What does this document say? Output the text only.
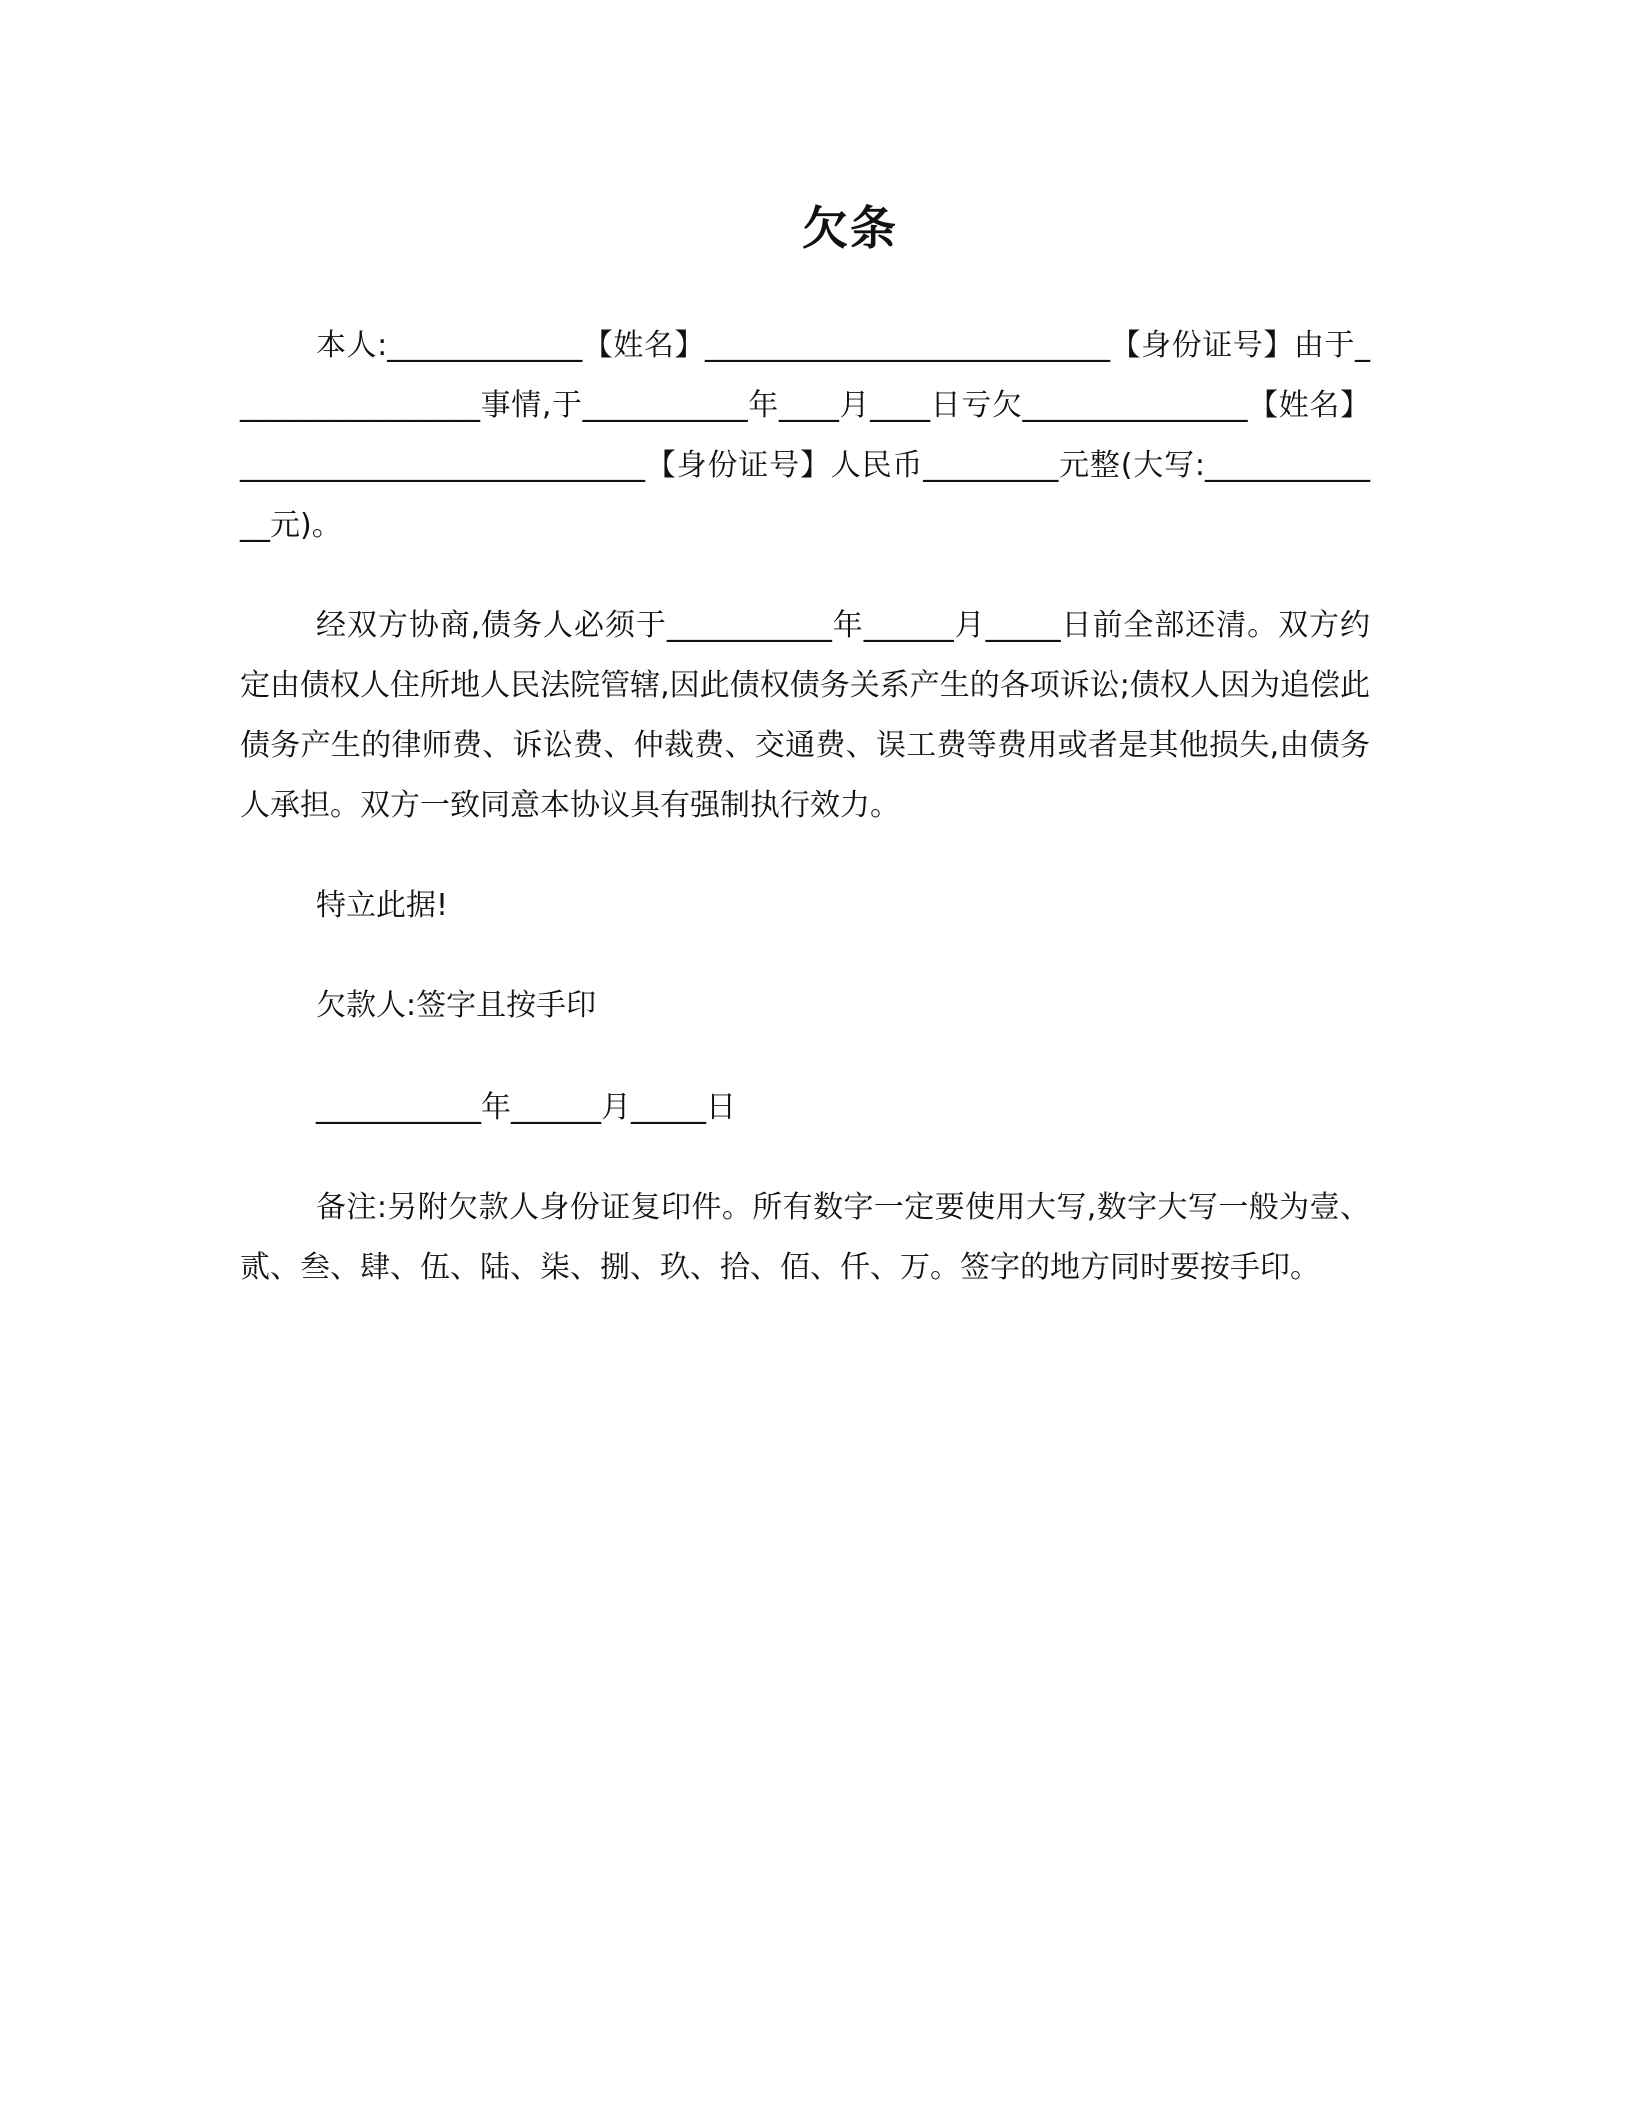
欠条

本人:_____________【姓名】___________________________【身份证号】由于_________________事情,于___________年____月____日亏欠_______________【姓名】___________________________【身份证号】人民币_________元整(大写:_____________元)。

经双方协商,债务人必须于___________年______月_____日前全部还清。双方约定由债权人住所地人民法院管辖,因此债权债务关系产生的各项诉讼;债权人因为追偿此债务产生的律师费、诉讼费、仲裁费、交通费、误工费等费用或者是其他损失,由债务人承担。双方一致同意本协议具有强制执行效力。

特立此据!

欠款人:签字且按手印

___________年______月_____日

备注:另附欠款人身份证复印件。所有数字一定要使用大写,数字大写一般为壹、贰、叁、肆、伍、陆、柒、捌、玖、拾、佰、仟、万。签字的地方同时要按手印。
